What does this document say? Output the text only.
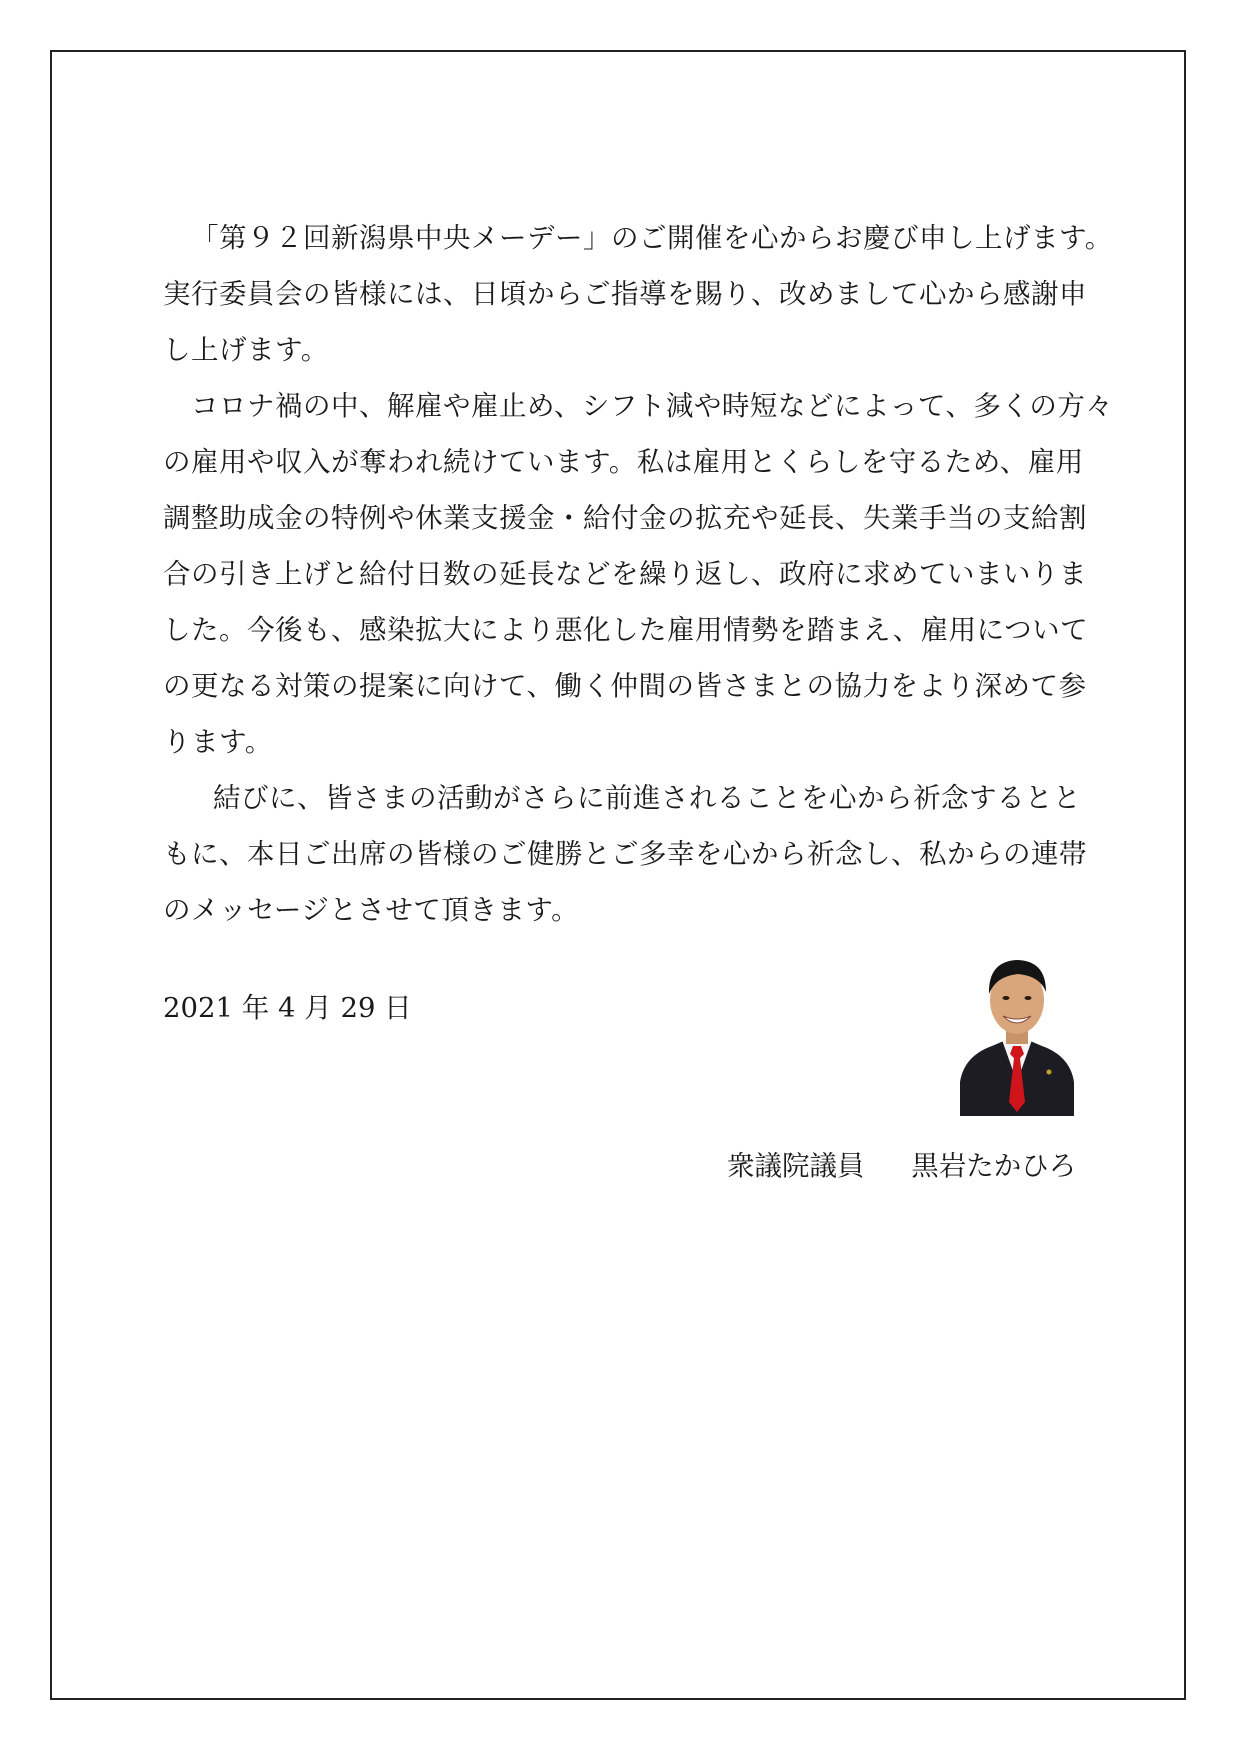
「第９２回新潟県中央メーデー」のご開催を心からお慶び申し上げます。
実行委員会の皆様には、日頃からご指導を賜り、改めまして心から感謝申
し上げます。
コロナ禍の中、解雇や雇止め、シフト減や時短などによって、多くの方々
の雇用や収入が奪われ続けています。私は雇用とくらしを守るため、雇用
調整助成金の特例や休業支援金・給付金の拡充や延長、失業手当の支給割
合の引き上げと給付日数の延長などを繰り返し、政府に求めていまいりま
した。今後も、感染拡大により悪化した雇用情勢を踏まえ、雇用について
の更なる対策の提案に向けて、働く仲間の皆さまとの協力をより深めて参
ります。
結びに、皆さまの活動がさらに前進されることを心から祈念するとと
もに、本日ご出席の皆様のご健勝とご多幸を心から祈念し、私からの連帯
のメッセージとさせて頂きます。
2021 年 4 月 29 日
衆議院議員 黒岩たかひろ
